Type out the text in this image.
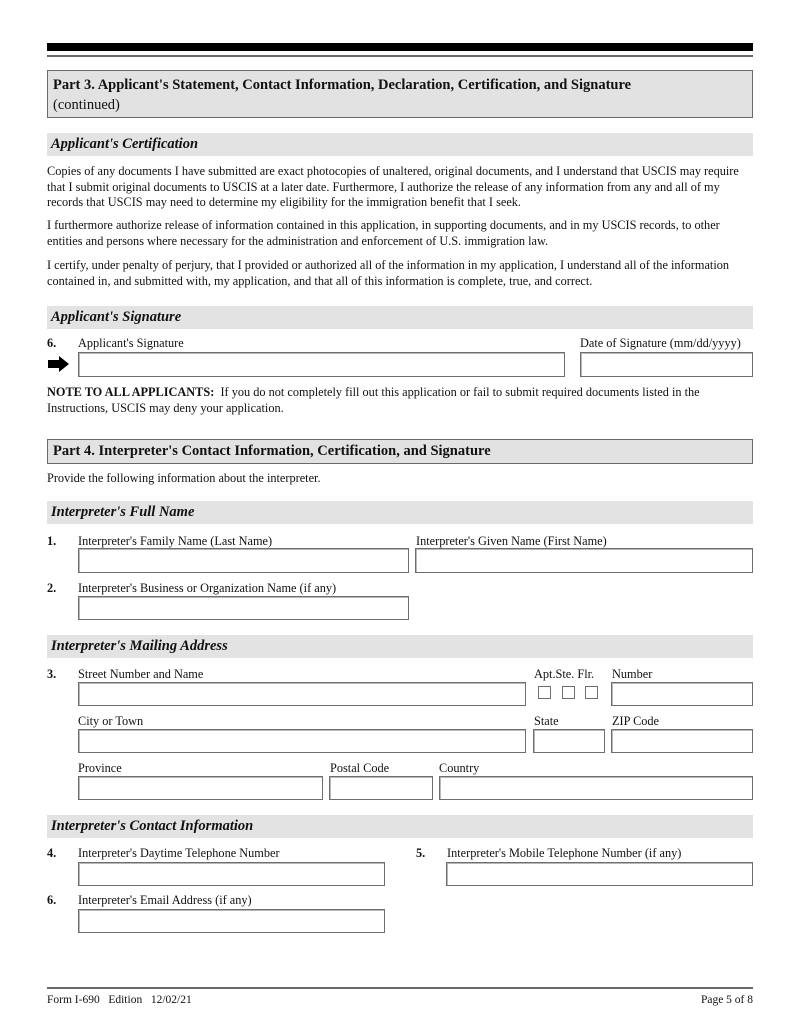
Part 3. Applicant's Statement, Contact Information, Declaration, Certification, and Signature
(continued)
Applicant's Certification
Copies of any documents I have submitted are exact photocopies of unaltered, original documents, and I understand that USCIS may require that I submit original documents to USCIS at a later date. Furthermore, I authorize the release of any information from any and all of my records that USCIS may need to determine my eligibility for the immigration benefit that I seek.
I furthermore authorize release of information contained in this application, in supporting documents, and in my USCIS records, to other entities and persons where necessary for the administration and enforcement of U.S. immigration law.
I certify, under penalty of perjury, that I provided or authorized all of the information in my application, I understand all of the information contained in, and submitted with, my application, and that all of this information is complete, true, and correct.
Applicant's Signature
6. Applicant's Signature	Date of Signature (mm/dd/yyyy)
NOTE TO ALL APPLICANTS:  If you do not completely fill out this application or fail to submit required documents listed in the Instructions, USCIS may deny your application.
Part 4. Interpreter's Contact Information, Certification, and Signature
Provide the following information about the interpreter.
Interpreter's Full Name
1. Interpreter's Family Name (Last Name)	Interpreter's Given Name (First Name)
2. Interpreter's Business or Organization Name (if any)
Interpreter's Mailing Address
3. Street Number and Name	Apt.Ste. Flr. Number
City or Town	State	ZIP Code
Province	Postal Code	Country
Interpreter's Contact Information
4. Interpreter's Daytime Telephone Number	5. Interpreter's Mobile Telephone Number (if any)
6. Interpreter's Email Address (if any)
Form I-690   Edition   12/02/21	Page 5 of 8
